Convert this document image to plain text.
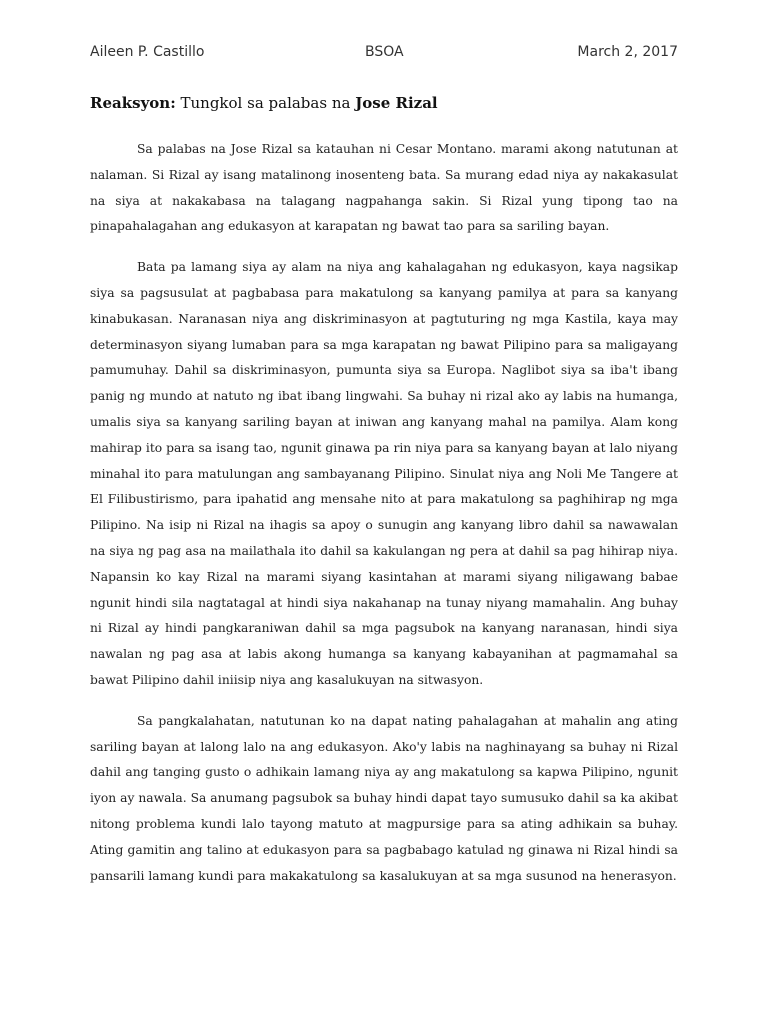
Aileen P. Castillo	BSOA	March 2, 2017
Reaksyon: Tungkol sa palabas na Jose Rizal

Sa palabas na Jose Rizal sa katauhan ni Cesar Montano. marami akong natutunan at nalaman. Si Rizal ay isang matalinong inosenteng bata. Sa murang edad niya ay nakakasulat na siya at nakakabasa na talagang nagpahanga sakin. Si Rizal yung tipong tao na pinapahalagahan ang edukasyon at karapatan ng bawat tao para sa sariling bayan.

Bata pa lamang siya ay alam na niya ang kahalagahan ng edukasyon, kaya nagsikap siya sa pagsusulat at pagbabasa para makatulong sa kanyang pamilya at para sa kanyang kinabukasan. Naranasan niya ang diskriminasyon at pagtuturing ng mga Kastila, kaya may determinasyon siyang lumaban para sa mga karapatan ng bawat Pilipino para sa maligayang pamumuhay. Dahil sa diskriminasyon, pumunta siya sa Europa. Naglibot siya sa iba't ibang panig ng mundo at natuto ng ibat ibang lingwahi. Sa buhay ni rizal ako ay labis na humanga, umalis siya sa kanyang sariling bayan at iniwan ang kanyang mahal na pamilya. Alam kong mahirap ito para sa isang tao, ngunit ginawa pa rin niya para sa kanyang bayan at lalo niyang minahal ito para matulungan ang sambayanang Pilipino. Sinulat niya ang Noli Me Tangere at El Filibustirismo, para ipahatid ang mensahe nito at para makatulong sa paghihirap ng mga Pilipino. Na isip ni Rizal na ihagis sa apoy o sunugin ang kanyang libro dahil sa nawawalan na siya ng pag asa na mailathala ito dahil sa kakulangan ng pera at dahil sa pag hihirap niya. Napansin ko kay Rizal na marami siyang kasintahan at marami siyang niligawang babae ngunit hindi sila nagtatagal at hindi siya nakahanap na tunay niyang mamahalin. Ang buhay ni Rizal ay hindi pangkaraniwan dahil sa mga pagsubok na kanyang naranasan, hindi siya nawalan ng pag asa at labis akong humanga sa kanyang kabayanihan at pagmamahal sa bawat Pilipino dahil iniisip niya ang kasalukuyan na sitwasyon.

Sa pangkalahatan, natutunan ko na dapat nating pahalagahan at mahalin ang ating sariling bayan at lalong lalo na ang edukasyon. Ako'y labis na naghinayang sa buhay ni Rizal dahil ang tanging gusto o adhikain lamang niya ay ang makatulong sa kapwa Pilipino, ngunit iyon ay nawala. Sa anumang pagsubok sa buhay hindi dapat tayo sumusuko dahil sa ka akibat nitong problema kundi lalo tayong matuto at magpursige para sa ating adhikain sa buhay. Ating gamitin ang talino at edukasyon para sa pagbabago katulad ng ginawa ni Rizal hindi sa pansarili lamang kundi para makakatulong sa kasalukuyan at sa mga susunod na henerasyon.
